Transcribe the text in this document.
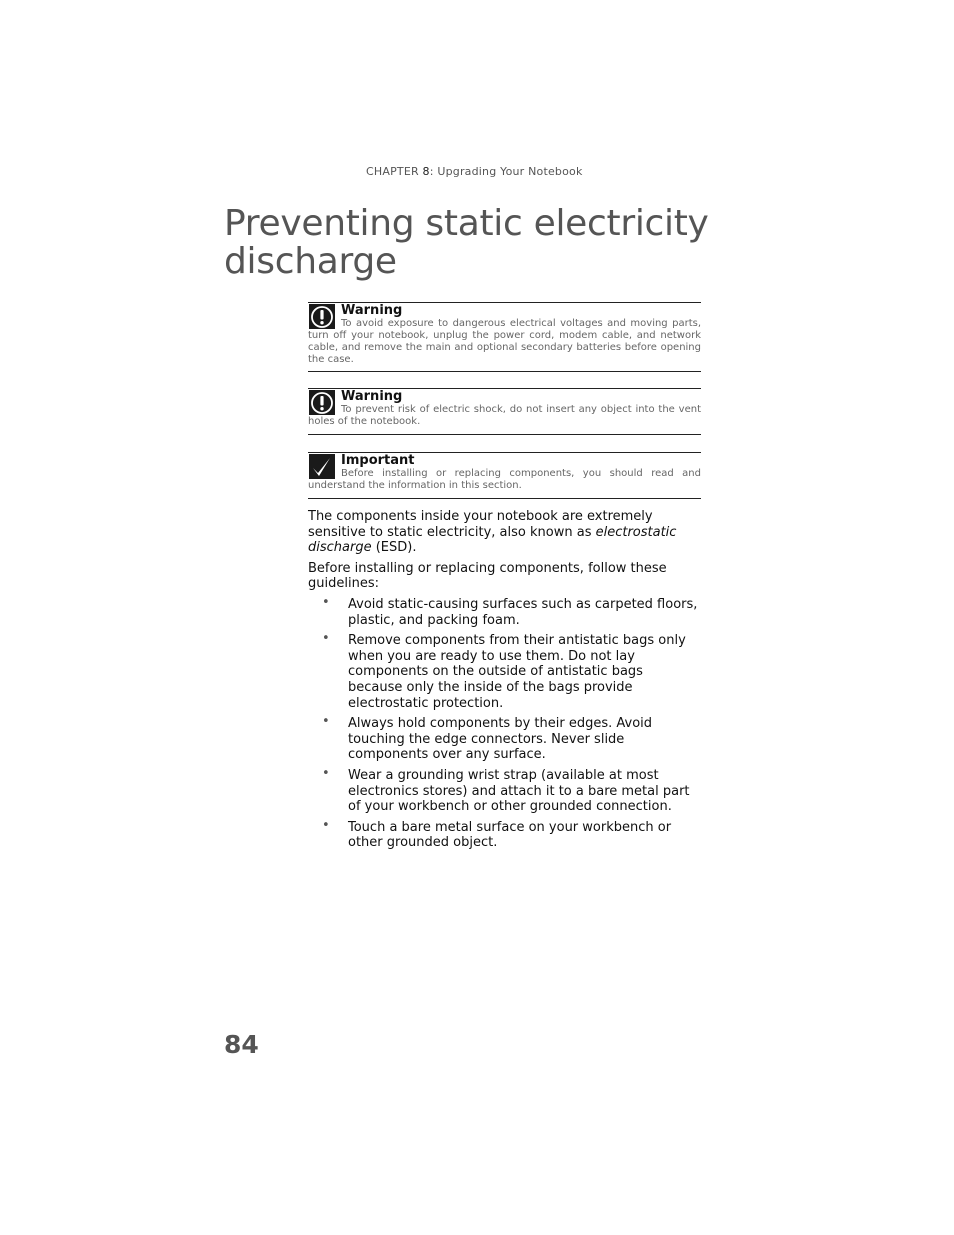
CHAPTER 8: Upgrading Your Notebook
Preventing static electricity discharge
Warning

To avoid exposure to dangerous electrical voltages and moving parts, turn off your notebook, unplug the power cord, modem cable, and network cable, and remove the main and optional secondary batteries before opening the case.

Warning

To prevent risk of electric shock, do not insert any object into the vent holes of the notebook.

Important

Before installing or replacing components, you should read and understand the information in this section.

The components inside your notebook are extremely sensitive to static electricity, also known as electrostatic discharge (ESD).

Before installing or replacing components, follow these guidelines:

• Avoid static-causing surfaces such as carpeted floors, plastic, and packing foam.
• Remove components from their antistatic bags only when you are ready to use them. Do not lay components on the outside of antistatic bags because only the inside of the bags provide electrostatic protection.
• Always hold components by their edges. Avoid touching the edge connectors. Never slide components over any surface.
• Wear a grounding wrist strap (available at most electronics stores) and attach it to a bare metal part of your workbench or other grounded connection.
• Touch a bare metal surface on your workbench or other grounded object.
84
